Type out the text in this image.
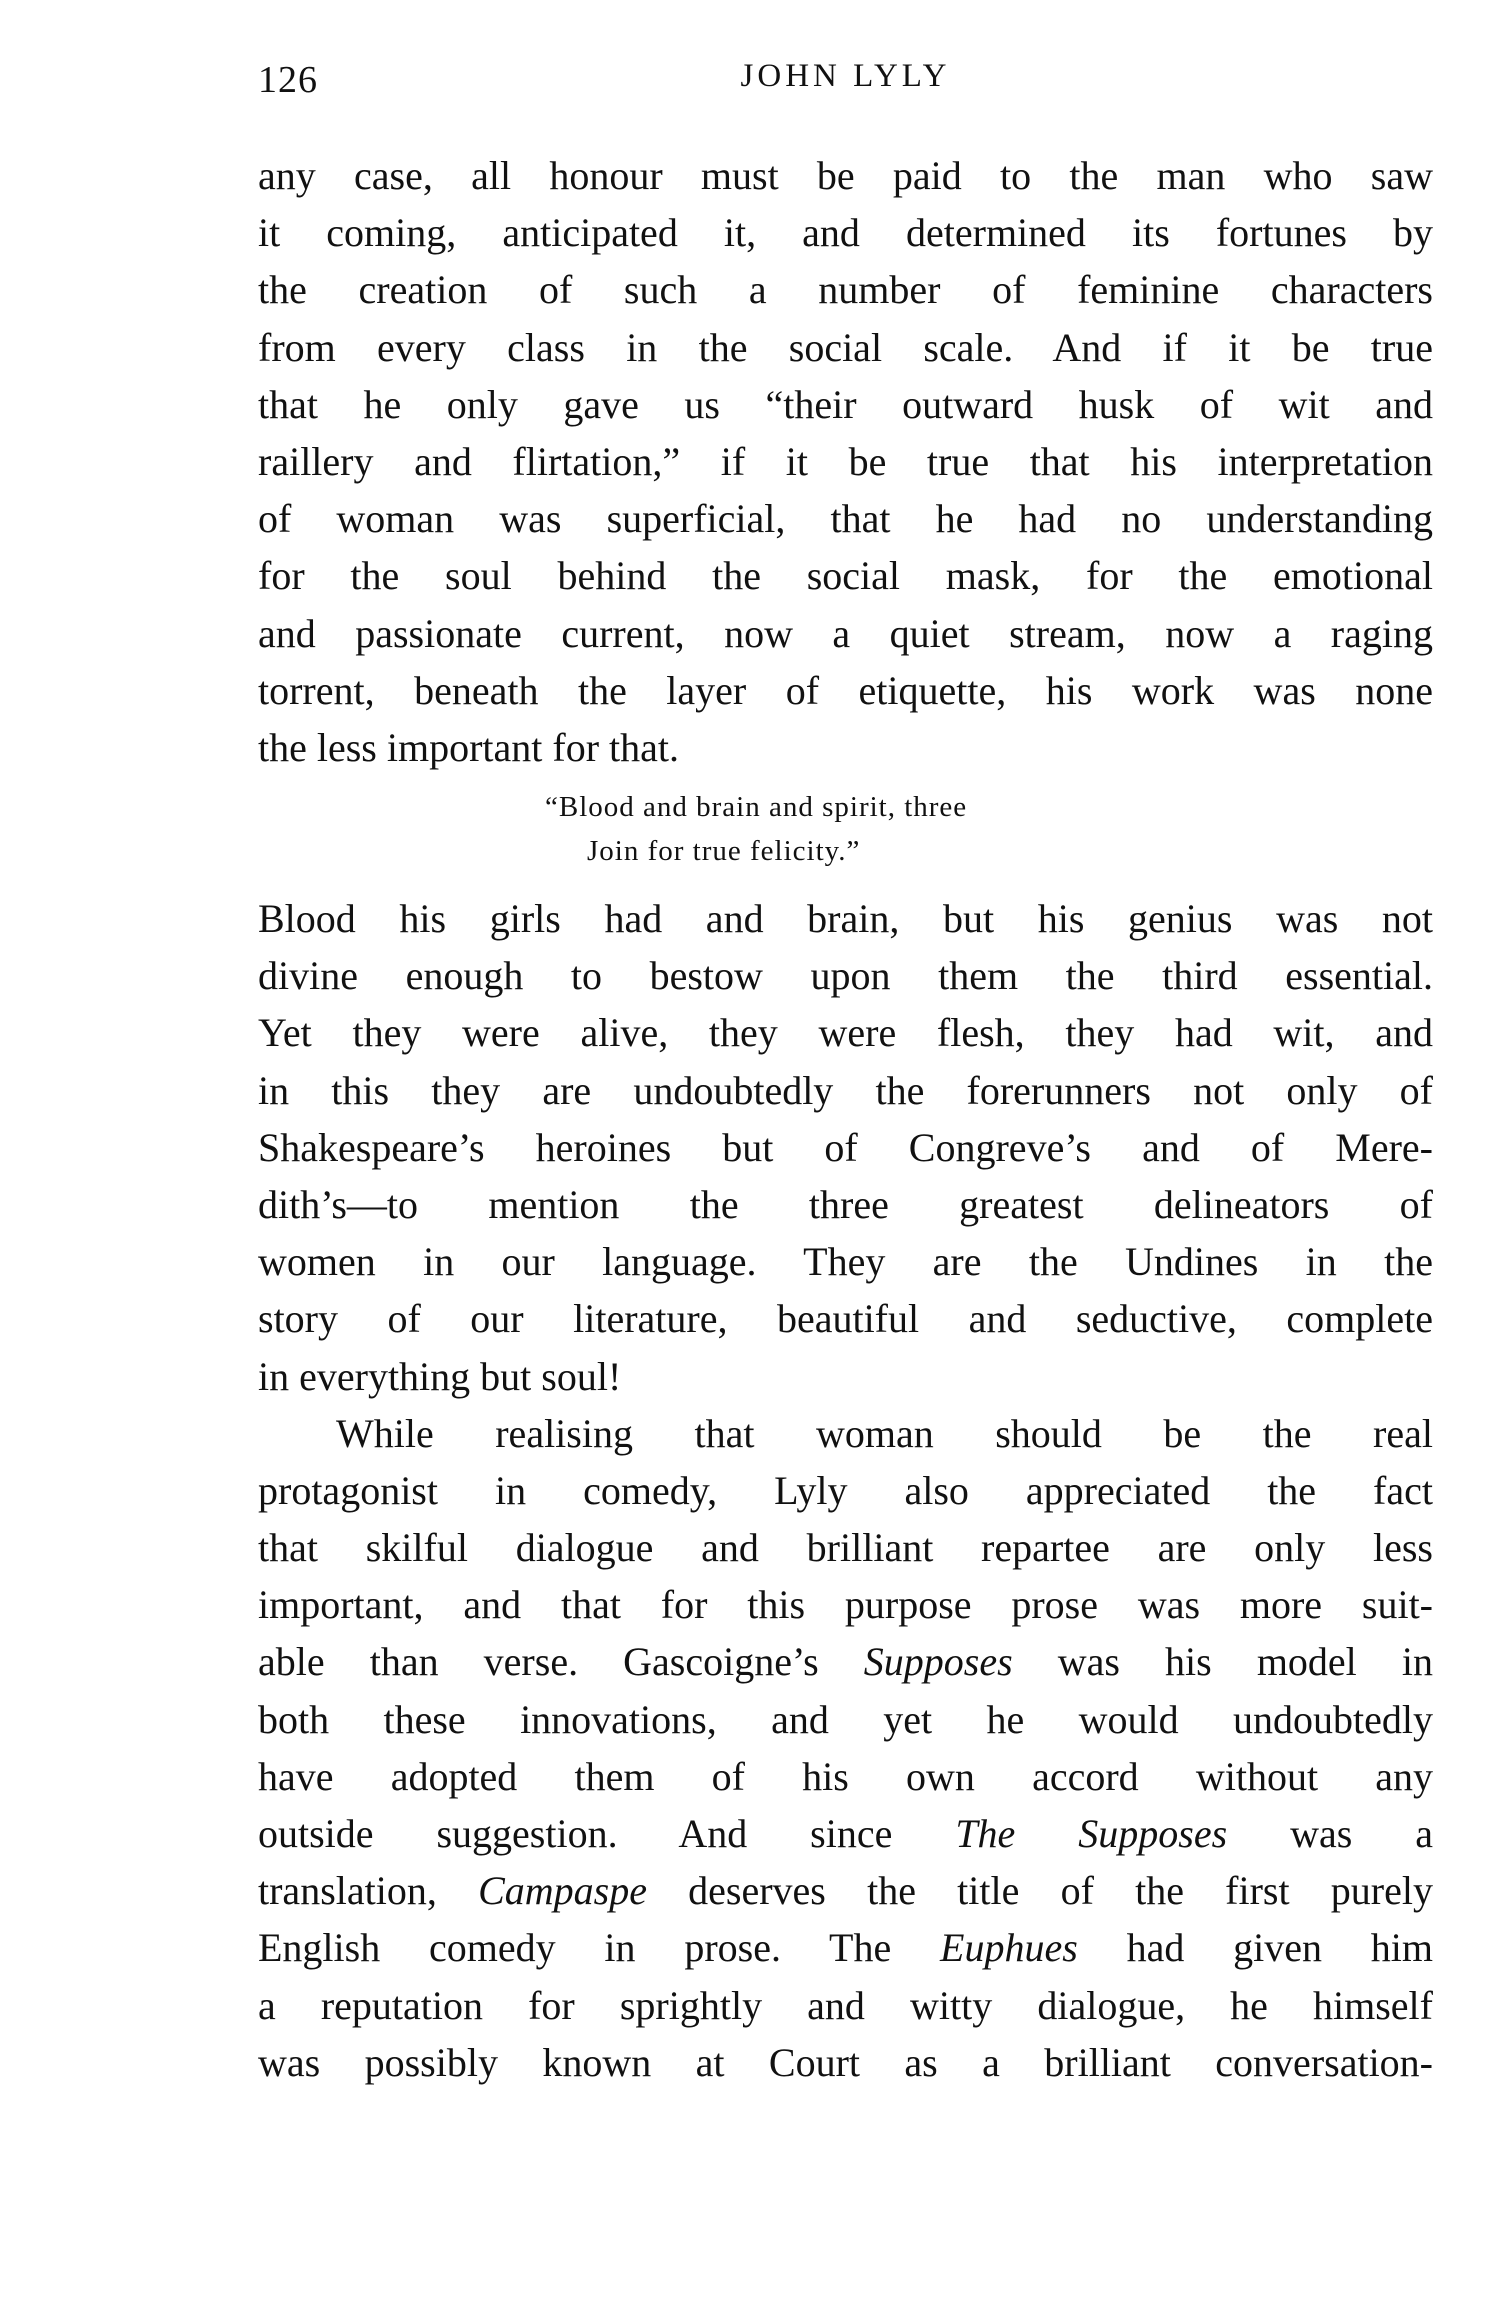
126	JOHN LYLY
any case, all honour must be paid to the man who saw
it coming, anticipated it, and determined its fortunes by
the creation of such a number of feminine characters
from every class in the social scale. And if it be true
that he only gave us “their outward husk of wit and
raillery and flirtation,” if it be true that his interpretation
of woman was superficial, that he had no understanding
for the soul behind the social mask, for the emotional
and passionate current, now a quiet stream, now a raging
torrent, beneath the layer of etiquette, his work was none
the less important for that.
“Blood and brain and spirit, three
Join for true felicity.”
Blood his girls had and brain, but his genius was not
divine enough to bestow upon them the third essential.
Yet they were alive, they were flesh, they had wit, and
in this they are undoubtedly the forerunners not only of
Shakespeare’s heroines but of Congreve’s and of Mere-
dith’s—to mention the three greatest delineators of
women in our language. They are the Undines in the
story of our literature, beautiful and seductive, complete
in everything but soul!
While realising that woman should be the real
protagonist in comedy, Lyly also appreciated the fact
that skilful dialogue and brilliant repartee are only less
important, and that for this purpose prose was more suit-
able than verse. Gascoigne’s Supposes was his model in
both these innovations, and yet he would undoubtedly
have adopted them of his own accord without any
outside suggestion. And since The Supposes was a
translation, Campaspe deserves the title of the first purely
English comedy in prose. The Euphues had given him
a reputation for sprightly and witty dialogue, he himself
was possibly known at Court as a brilliant conversation-
